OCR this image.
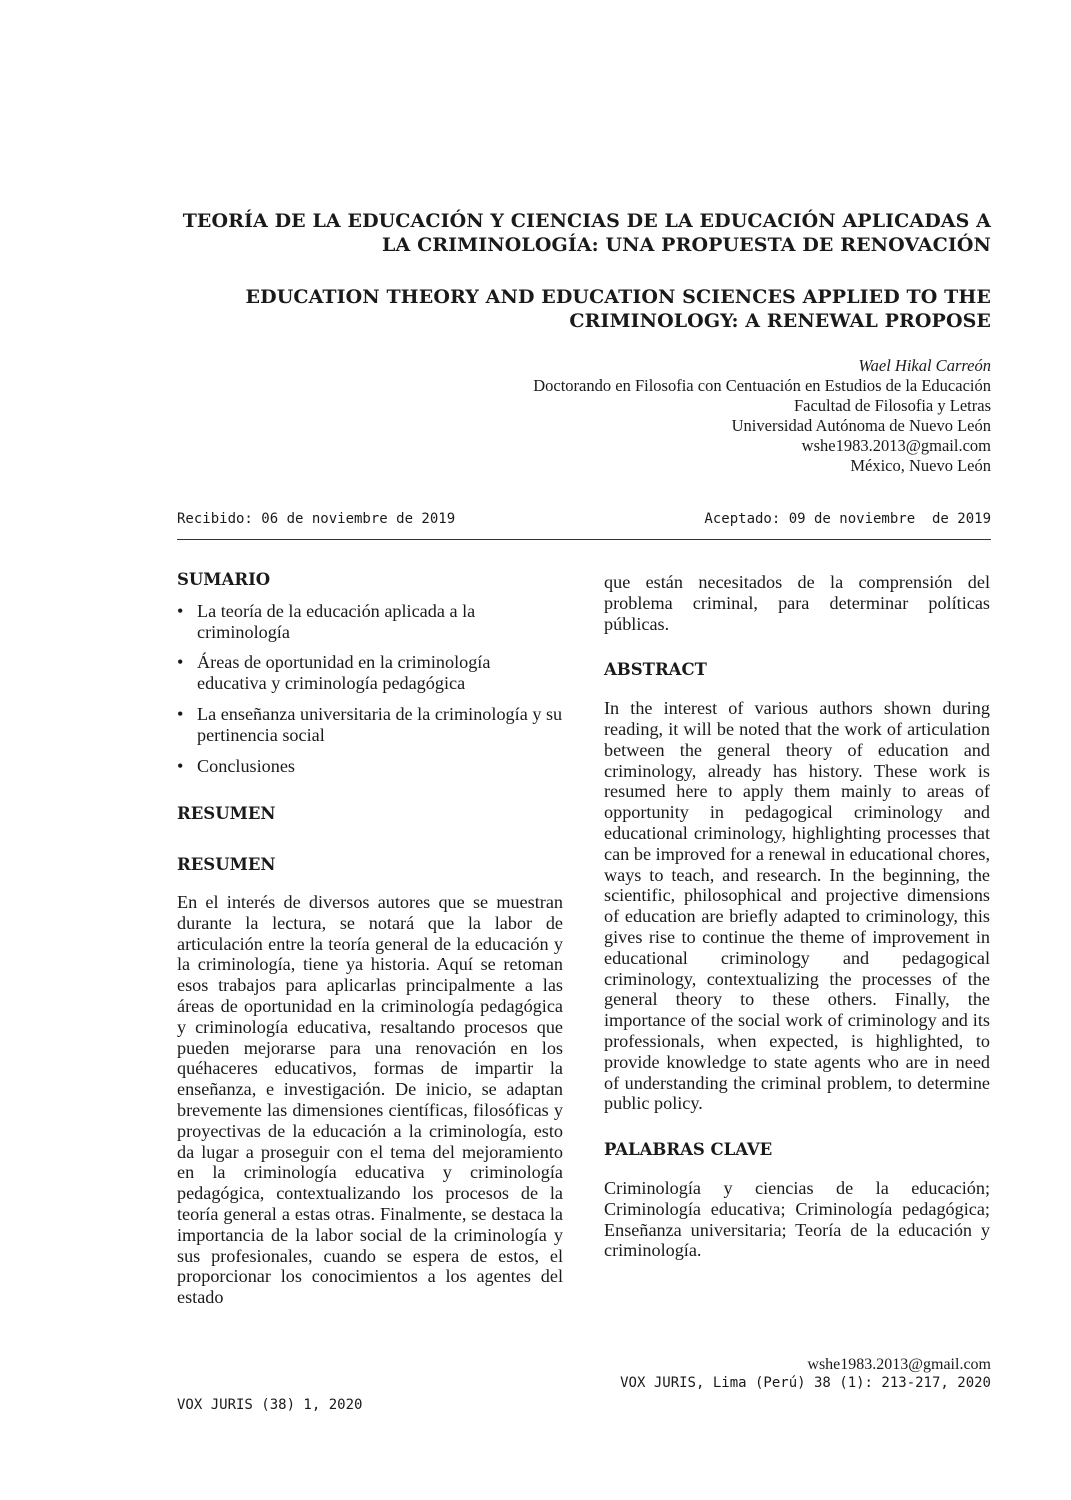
TEORÍA DE LA EDUCACIÓN Y CIENCIAS DE LA EDUCACIÓN APLICADAS A LA CRIMINOLOGÍA: UNA PROPUESTA DE RENOVACIÓN
EDUCATION THEORY AND EDUCATION SCIENCES APPLIED TO THE CRIMINOLOGY: A RENEWAL PROPOSE
Wael Hikal Carreón
Doctorando en Filosofia con Centuación en Estudios de la Educación
Facultad de Filosofia y Letras
Universidad Autónoma de Nuevo León
wshe1983.2013@gmail.com
México, Nuevo León
Recibido: 06 de noviembre de 2019	Aceptado: 09 de noviembre  de 2019
SUMARIO
• La teoría de la educación aplicada a la criminología
• Áreas de oportunidad en la criminología educativa y criminología pedagógica
• La enseñanza universitaria de la criminología y su pertinencia social
• Conclusiones
RESUMEN
RESUMEN

En el interés de diversos autores que se muestran durante la lectura, se notará que la labor de articulación entre la teoría general de la educación y la criminología, tiene ya historia. Aquí se retoman esos trabajos para aplicarlas principalmente a las áreas de oportunidad en la criminología pedagógica y criminología educativa, resaltando procesos que pueden mejorarse para una renovación en los quéhaceres educativos, formas de impartir la enseñanza, e investigación. De inicio, se adaptan brevemente las dimensiones científicas, filosóficas y proyectivas de la educación a la criminología, esto da lugar a proseguir con el tema del mejoramiento en la criminología educativa y criminología pedagógica, contextualizando los procesos de la teoría general a estas otras. Finalmente, se destaca la importancia de la labor social de la criminología y sus profesionales, cuando se espera de estos, el proporcionar los conocimientos a los agentes del estado

que están necesitados de la comprensión del problema criminal, para determinar políticas públicas.

ABSTRACT

In the interest of various authors shown during reading, it will be noted that the work of articulation between the general theory of education and criminology, already has history. These work is resumed here to apply them mainly to areas of opportunity in pedagogical criminology and educational criminology, highlighting processes that can be improved for a renewal in educational chores, ways to teach, and research. In the beginning, the scientific, philosophical and projective dimensions of education are briefly adapted to criminology, this gives rise to continue the theme of improvement in educational criminology and pedagogical criminology, contextualizing the processes of the general theory to these others. Finally, the importance of the social work of criminology and its professionals, when expected, is highlighted, to provide knowledge to state agents who are in need of understanding the criminal problem, to determine public policy.

PALABRAS CLAVE

Criminología y ciencias de la educación; Criminología educativa; Criminología pedagógica; Enseñanza universitaria; Teoría de la educación y criminología.

VOX JURIS (38) 1, 2020
wshe1983.2013@gmail.com
VOX JURIS, Lima (Perú) 38 (1): 213-217, 2020
